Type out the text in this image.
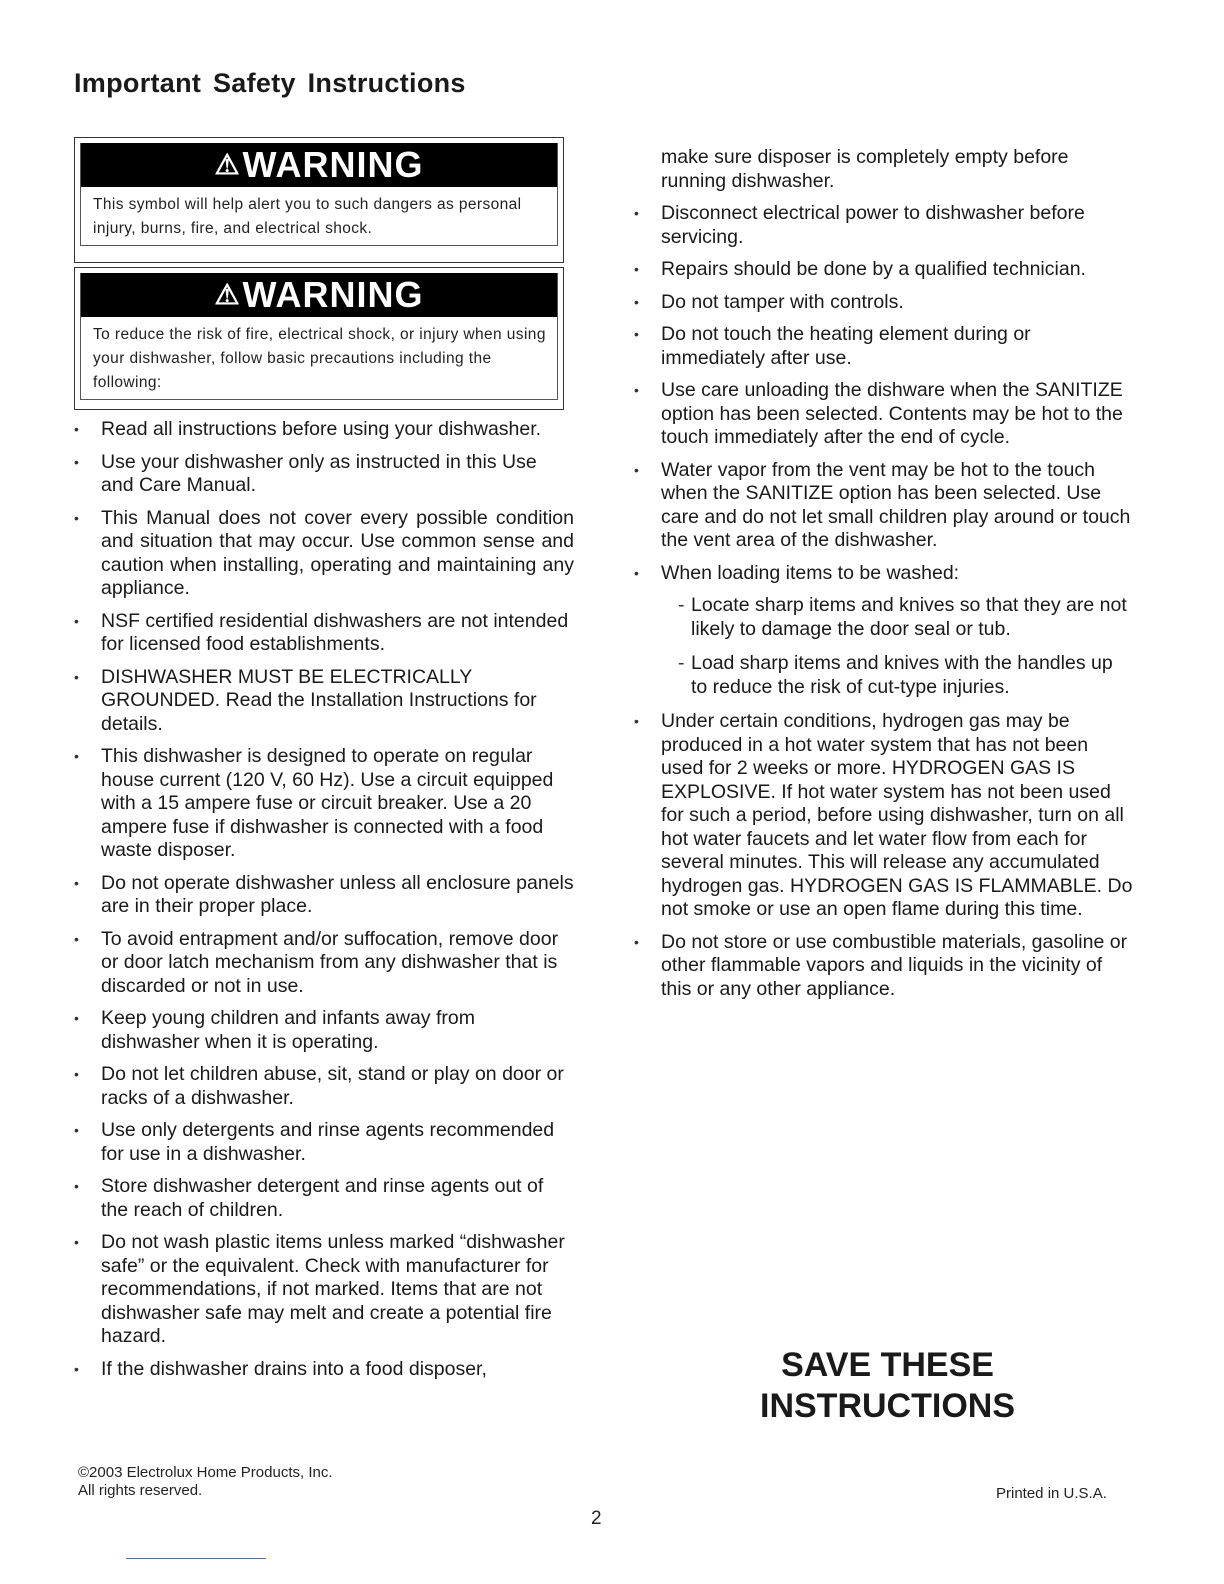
Important Safety Instructions
⚠ WARNING
This symbol will help alert you to such dangers as personal injury, burns, fire, and electrical shock.
⚠ WARNING
To reduce the risk of fire, electrical shock, or injury when using your dishwasher, follow basic precautions including the following:
• Read all instructions before using your dishwasher.
• Use your dishwasher only as instructed in this Use and Care Manual.
• This Manual does not cover every possible condition and situation that may occur. Use common sense and caution when installing, operating and maintaining any appliance.
• NSF certified residential dishwashers are not intended for licensed food establishments.
• DISHWASHER MUST BE ELECTRICALLY GROUNDED. Read the Installation Instructions for details.
• This dishwasher is designed to operate on regular house current (120 V, 60 Hz). Use a circuit equipped with a 15 ampere fuse or circuit breaker. Use a 20 ampere fuse if dishwasher is connected with a food waste disposer.
• Do not operate dishwasher unless all enclosure panels are in their proper place.
• To avoid entrapment and/or suffocation, remove door or door latch mechanism from any dishwasher that is discarded or not in use.
• Keep young children and infants away from dishwasher when it is operating.
• Do not let children abuse, sit, stand or play on door or racks of a dishwasher.
• Use only detergents and rinse agents recommended for use in a dishwasher.
• Store dishwasher detergent and rinse agents out of the reach of children.
• Do not wash plastic items unless marked “dishwasher safe” or the equivalent. Check with manufacturer for recommendations, if not marked. Items that are not dishwasher safe may melt and create a potential fire hazard.
• If the dishwasher drains into a food disposer,
make sure disposer is completely empty before running dishwasher.
• Disconnect electrical power to dishwasher before servicing.
• Repairs should be done by a qualified technician.
• Do not tamper with controls.
• Do not touch the heating element during or immediately after use.
• Use care unloading the dishware when the SANITIZE option has been selected. Contents may be hot to the touch immediately after the end of cycle.
• Water vapor from the vent may be hot to the touch when the SANITIZE option has been selected. Use care and do not let small children play around or touch the vent area of the dishwasher.
• When loading items to be washed:
- Locate sharp items and knives so that they are not likely to damage the door seal or tub.
- Load sharp items and knives with the handles up to reduce the risk of cut-type injuries.
• Under certain conditions, hydrogen gas may be produced in a hot water system that has not been used for 2 weeks or more. HYDROGEN GAS IS EXPLOSIVE. If hot water system has not been used for such a period, before using dishwasher, turn on all hot water faucets and let water flow from each for several minutes. This will release any accumulated hydrogen gas. HYDROGEN GAS IS FLAMMABLE. Do not smoke or use an open flame during this time.
• Do not store or use combustible materials, gasoline or other flammable vapors and liquids in the vicinity of this or any other appliance.
SAVE THESE
INSTRUCTIONS
©2003 Electrolux Home Products, Inc.
All rights reserved.	Printed in U.S.A.
2
